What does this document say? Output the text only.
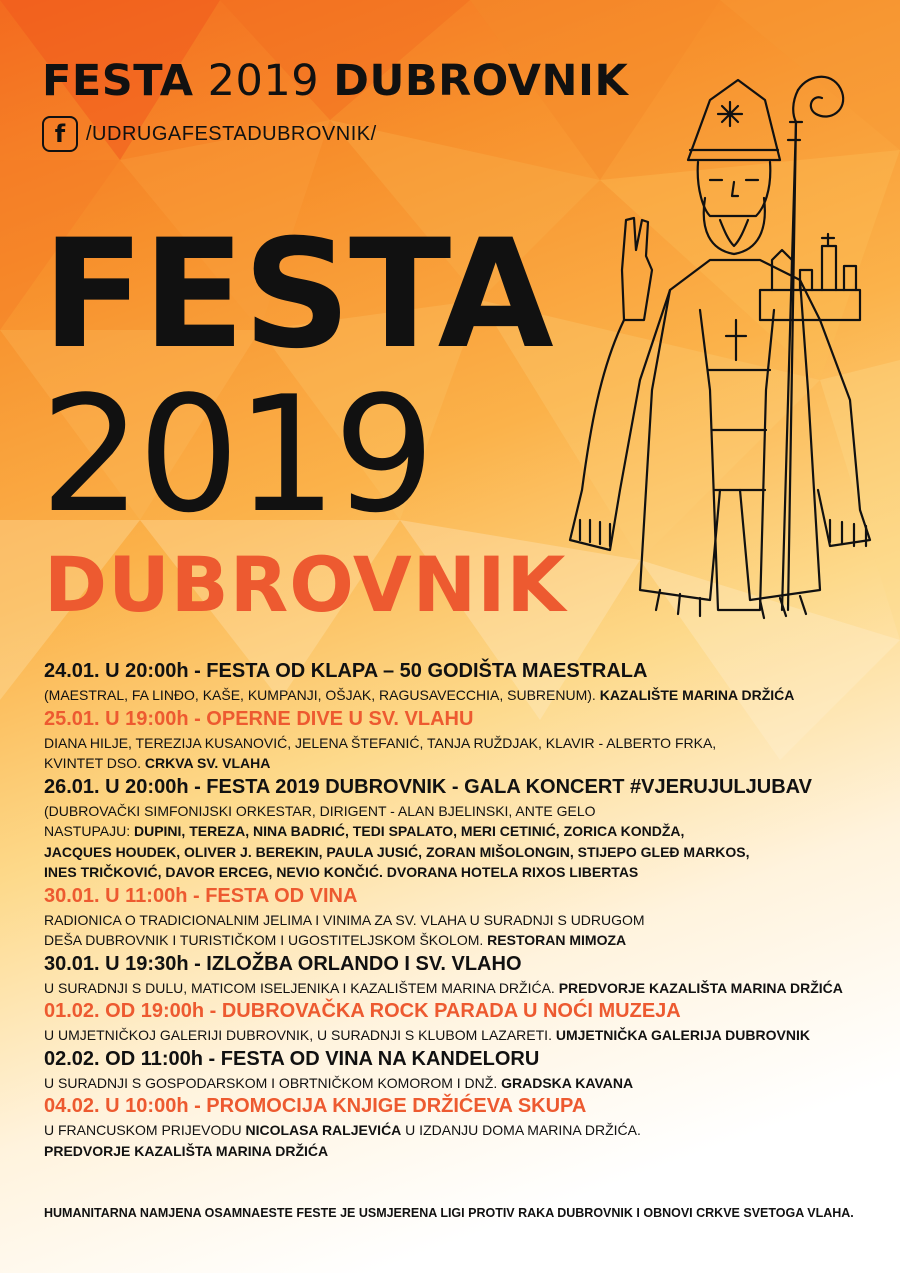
FESTA 2019 DUBROVNIK
f /UDRUGAFESTADUBROVNIK/
FESTA
2019
DUBROVNIK
24.01. U 20:00h - FESTA OD KLAPA – 50 GODIŠTA MAESTRALA
(MAESTRAL, FA LINĐO, KAŠE, KUMPANJI, OŠJAK, RAGUSAVECCHIA, SUBRENUM). KAZALIŠTE MARINA DRŽIĆA
25.01. U 19:00h - OPERNE DIVE U SV. VLAHU
DIANA HILJE, TEREZIJA KUSANOVIĆ, JELENA ŠTEFANIĆ, TANJA RUŽDJAK, KLAVIR - ALBERTO FRKA,
KVINTET DSO. CRKVA SV. VLAHA
26.01. U 20:00h - FESTA 2019 DUBROVNIK - GALA KONCERT #VJERUJULJUBAV
(DUBROVAČKI SIMFONIJSKI ORKESTAR, DIRIGENT - ALAN BJELINSKI, ANTE GELO
NASTUPAJU: DUPINI, TEREZA, NINA BADRIĆ, TEDI SPALATO, MERI CETINIĆ, ZORICA KONDŽA,
JACQUES HOUDEK, OLIVER J. BEREKIN, PAULA JUSIĆ, ZORAN MIŠOLONGIN, STIJEPO GLEĐ MARKOS,
INES TRIČKOVIĆ, DAVOR ERCEG, NEVIO KONČIĆ. DVORANA HOTELA RIXOS LIBERTAS
30.01. U 11:00h - FESTA OD VINA
RADIONICA O TRADICIONALNIM JELIMA I VINIMA ZA SV. VLAHA U SURADNJI S UDRUGOM
DEŠA DUBROVNIK I TURISTIČKOM I UGOSTITELJSKOM ŠKOLOM. RESTORAN MIMOZA
30.01. U 19:30h - IZLOŽBA ORLANDO I SV. VLAHO
U SURADNJI S DULU, MATICOM ISELJENIKA I KAZALIŠTEM MARINA DRŽIĆA. PREDVORJE KAZALIŠTA MARINA DRŽIĆA
01.02. OD 19:00h - DUBROVAČKA ROCK PARADA U NOĆI MUZEJA
U UMJETNIČKOJ GALERIJI DUBROVNIK, U SURADNJI S KLUBOM LAZARETI. UMJETNIČKA GALERIJA DUBROVNIK
02.02. OD 11:00h - FESTA OD VINA NA KANDELORU
U SURADNJI S GOSPODARSKOM I OBRTNIČKOM KOMOROM I DNŽ. GRADSKA KAVANA
04.02. U 10:00h - PROMOCIJA KNJIGE DRŽIĆEVA SKUPA
U FRANCUSKOM PRIJEVODU NICOLASA RALJEVIĆA U IZDANJU DOMA MARINA DRŽIĆA.
PREDVORJE KAZALIŠTA MARINA DRŽIĆA
HUMANITARNA NAMJENA OSAMNAESTE FESTE JE USMJERENA LIGI PROTIV RAKA DUBROVNIK I OBNOVI CRKVE SVETOGA VLAHA.
